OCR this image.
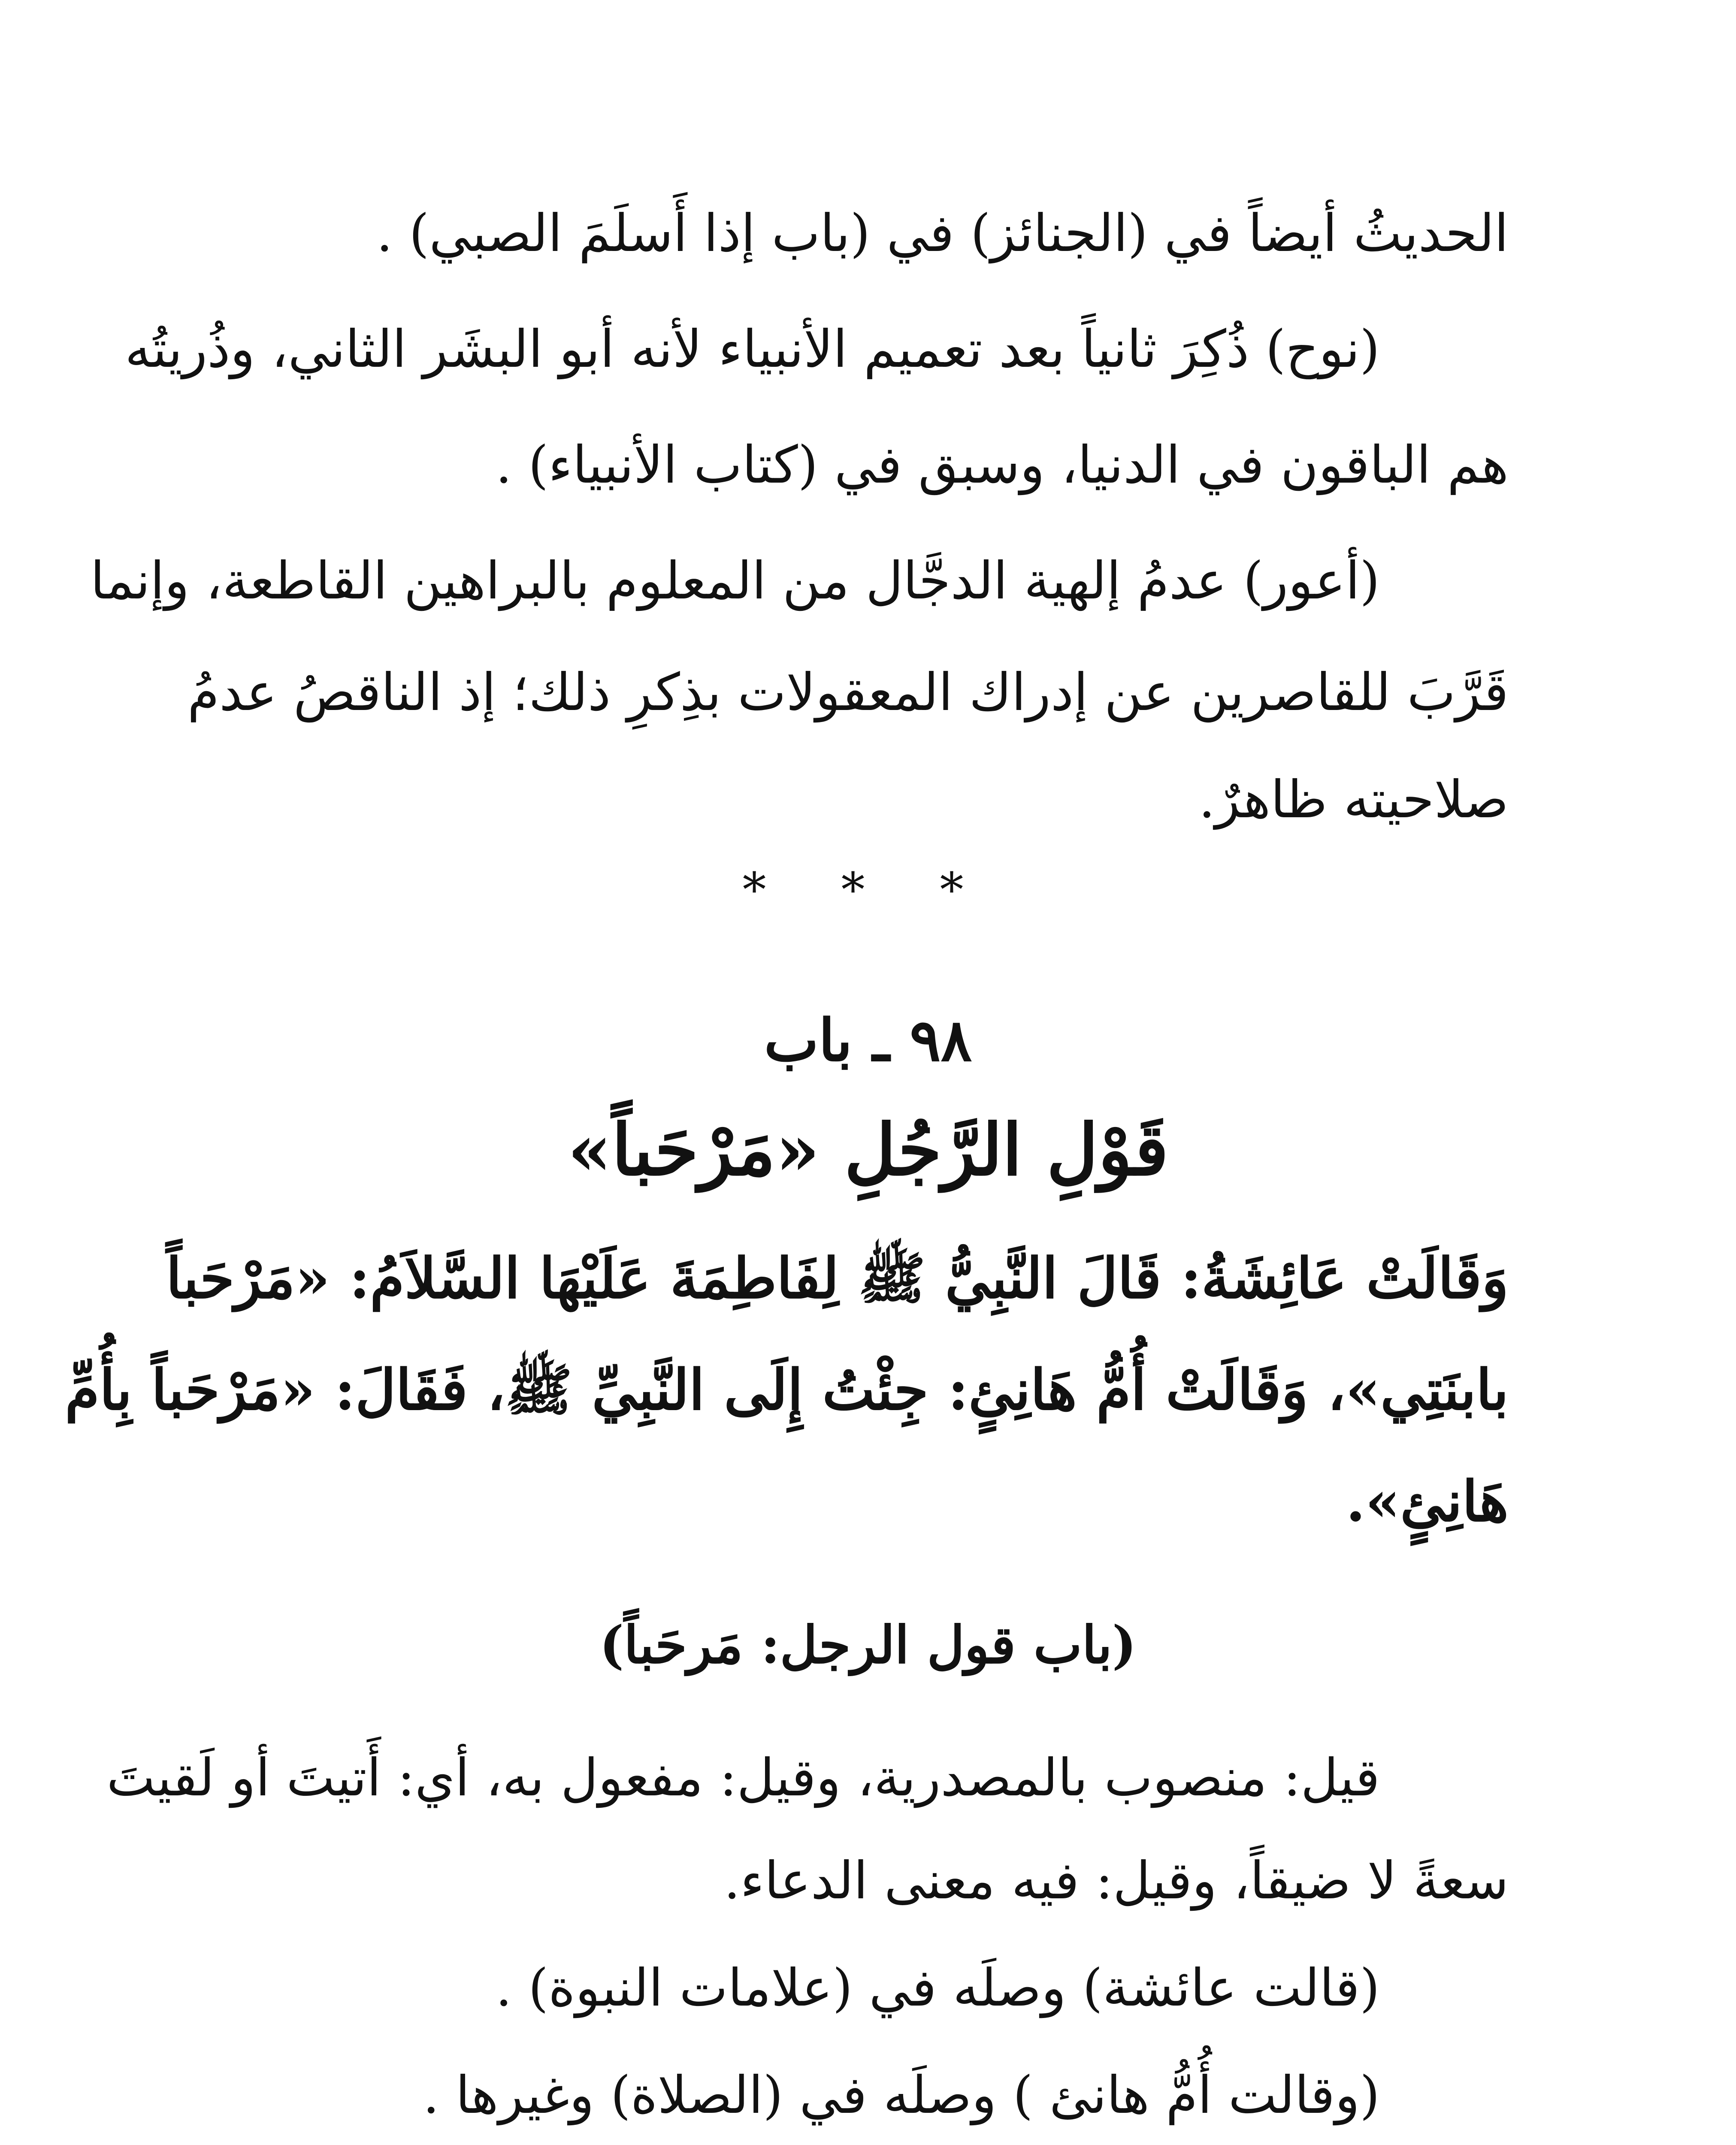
الحديثُ أيضاً في (الجنائز) في (باب إذا أَسلَمَ الصبي) .
(نوح) ذُكِرَ ثانياً بعد تعميم الأنبياء لأنه أبو البشَر الثاني، وذُريتُه
هم الباقون في الدنيا، وسبق في (كتاب الأنبياء) .
(أعور) عدمُ إلهية الدجَّال من المعلوم بالبراهين القاطعة، وإنما
قَرَّبَ للقاصرين عن إدراك المعقولات بذِكرِ ذلك؛ إذ الناقصُ عدمُ
صلاحيته ظاهرٌ.
* * *
٩٨ ـ باب
قَوْلِ الرَّجُلِ «مَرْحَباً»
وَقَالَتْ عَائِشَةُ: قَالَ النَّبِيُّ ﷺ لِفَاطِمَةَ عَلَيْهَا السَّلاَمُ: «مَرْحَباً
بابنَتِي»، وَقَالَتْ أُمُّ هَانِئٍ: جِئْتُ إِلَى النَّبِيِّ ﷺ، فَقَالَ: «مَرْحَباً بِأُمِّ
هَانِئٍ».
(باب قول الرجل: مَرحَباً)
قيل: منصوب بالمصدرية، وقيل: مفعول به، أي: أَتيتَ أو لَقيتَ
سعةً لا ضيقاً، وقيل: فيه معنى الدعاء.
(قالت عائشة) وصلَه في (علامات النبوة) .
(وقالت أُمُّ هانئ ) وصلَه في (الصلاة) وغيرها .
